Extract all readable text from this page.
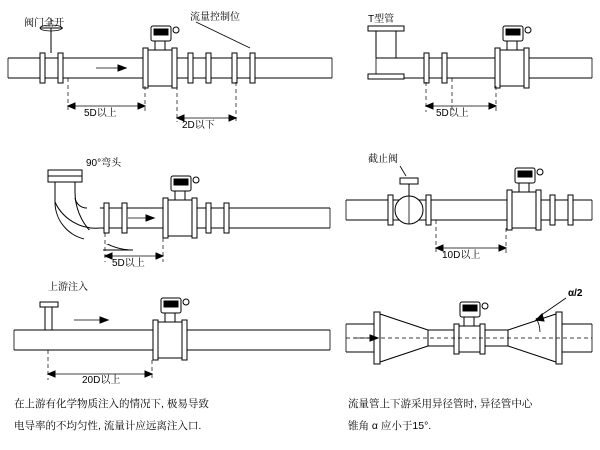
阀门全开
流量控制位
5D以上
2D以下
T型管
5D以上
90°弯头
5D以上
截止阀
10D以上
上游注入
20D以上
α/2
在上游有化学物质注入的情况下, 极易导致
电导率的不均匀性, 流量计应远离注入口.
流量管上下游采用异径管时, 异径管中心
锥角 α 应小于15°.
